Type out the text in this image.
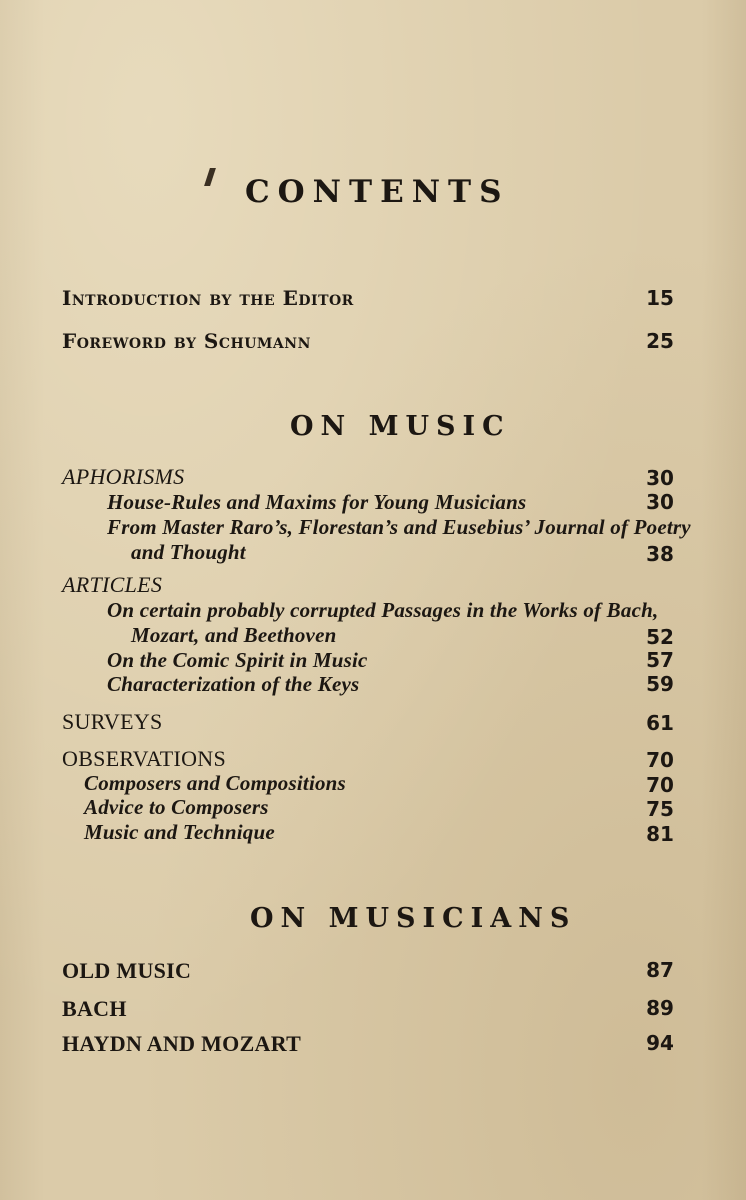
CONTENTS
Introduction by the Editor	15
Foreword by Schumann	25
ON MUSIC
APHORISMS	30
House-Rules and Maxims for Young Musicians	30
From Master Raro’s, Florestan’s and Eusebius’ Journal of Poetry
and Thought	38
ARTICLES
On certain probably corrupted Passages in the Works of Bach,
Mozart, and Beethoven	52
On the Comic Spirit in Music	57
Characterization of the Keys	59
SURVEYS	61
OBSERVATIONS	70
Composers and Compositions	70
Advice to Composers	75
Music and Technique	81
ON MUSICIANS
OLD MUSIC	87
BACH	89
HAYDN AND MOZART	94
